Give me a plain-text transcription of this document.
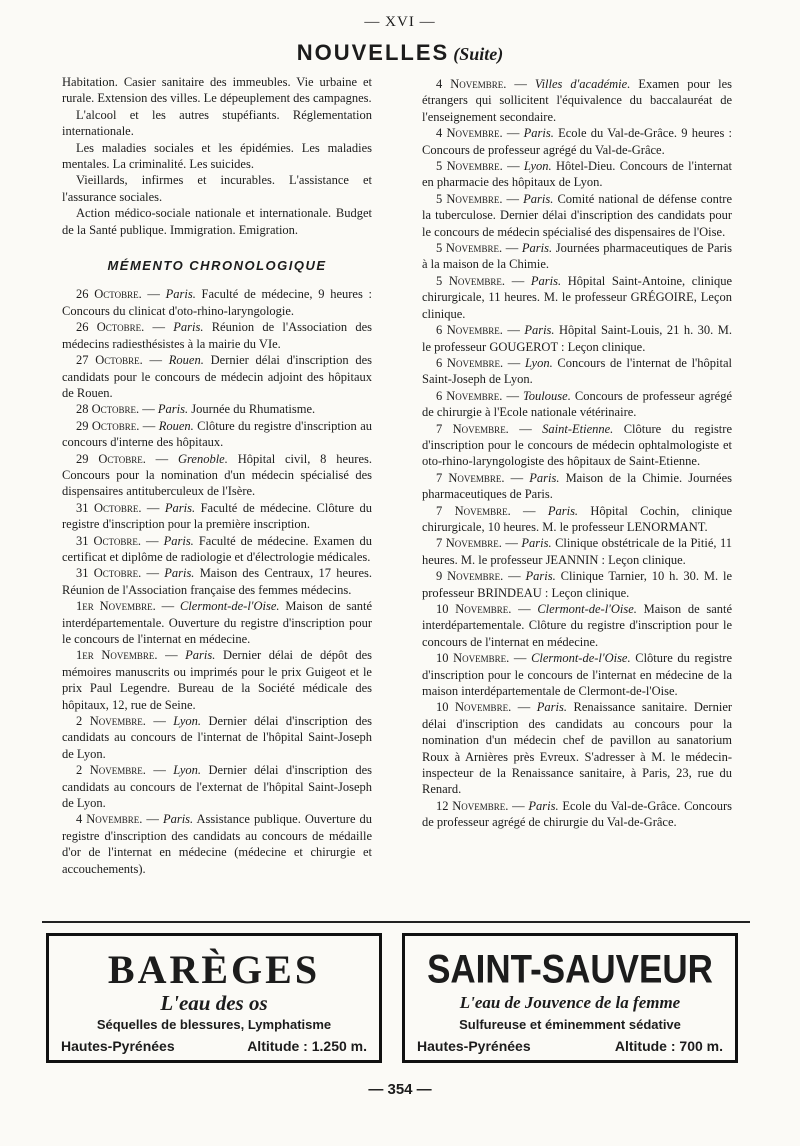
— XVI —
NOUVELLES (Suite)

Habitation. Casier sanitaire des immeubles. Vie urbaine et rurale. Extension des villes. Le dépeuplement des campagnes.

L'alcool et les autres stupéfiants. Réglementation internationale.

Les maladies sociales et les épidémies. Les maladies mentales. La criminalité. Les suicides.

Vieillards, infirmes et incurables. L'assistance et l'assurance sociales.

Action médico-sociale nationale et internationale. Budget de la Santé publique. Immigration. Emigration.

MÉMENTO CHRONOLOGIQUE

26 Octobre. — Paris. Faculté de médecine, 9 heures : Concours du clinicat d'oto-rhino-laryngologie.

26 Octobre. — Paris. Réunion de l'Association des médecins radiesthésistes à la mairie du VIe.

27 Octobre. — Rouen. Dernier délai d'inscription des candidats pour le concours de médecin adjoint des hôpitaux de Rouen.

28 Octobre. — Paris. Journée du Rhumatisme.

29 Octobre. — Rouen. Clôture du registre d'inscription au concours d'interne des hôpitaux.

29 Octobre. — Grenoble. Hôpital civil, 8 heures. Concours pour la nomination d'un médecin spécialisé des dispensaires antituberculeux de l'Isère.

31 Octobre. — Paris. Faculté de médecine. Clôture du registre d'inscription pour la première inscription.

31 Octobre. — Paris. Faculté de médecine. Examen du certificat et diplôme de radiologie et d'électrologie médicales.

31 Octobre. — Paris. Maison des Centraux, 17 heures. Réunion de l'Association française des femmes médecins.

1er Novembre. — Clermont-de-l'Oise. Maison de santé interdépartementale. Ouverture du registre d'inscription pour le concours de l'internat en médecine.

1er Novembre. — Paris. Dernier délai de dépôt des mémoires manuscrits ou imprimés pour le prix Guigeot et le prix Paul Legendre. Bureau de la Société médicale des hôpitaux, 12, rue de Seine.

2 Novembre. — Lyon. Dernier délai d'inscription des candidats au concours de l'internat de l'hôpital Saint-Joseph de Lyon.

2 Novembre. — Lyon. Dernier délai d'inscription des candidats au concours de l'externat de l'hôpital Saint-Joseph de Lyon.

4 Novembre. — Paris. Assistance publique. Ouverture du registre d'inscription des candidats au concours de médaille d'or de l'internat en médecine (médecine et chirurgie et accouchements).

4 Novembre. — Villes d'académie. Examen pour les étrangers qui sollicitent l'équivalence du baccalauréat de l'enseignement secondaire.

4 Novembre. — Paris. Ecole du Val-de-Grâce. 9 heures : Concours de professeur agrégé du Val-de-Grâce.

5 Novembre. — Lyon. Hôtel-Dieu. Concours de l'internat en pharmacie des hôpitaux de Lyon.

5 Novembre. — Paris. Comité national de défense contre la tuberculose. Dernier délai d'inscription des candidats pour le concours de médecin spécialisé des dispensaires de l'Oise.

5 Novembre. — Paris. Journées pharmaceutiques de Paris à la maison de la Chimie.

5 Novembre. — Paris. Hôpital Saint-Antoine, clinique chirurgicale, 11 heures. M. le professeur GRÉGOIRE, Leçon clinique.

6 Novembre. — Paris. Hôpital Saint-Louis, 21 h. 30. M. le professeur GOUGEROT : Leçon clinique.

6 Novembre. — Lyon. Concours de l'internat de l'hôpital Saint-Joseph de Lyon.

6 Novembre. — Toulouse. Concours de professeur agrégé de chirurgie à l'Ecole nationale vétérinaire.

7 Novembre. — Saint-Etienne. Clôture du registre d'inscription pour le concours de médecin ophtalmologiste et oto-rhino-laryngologiste des hôpitaux de Saint-Etienne.

7 Novembre. — Paris. Maison de la Chimie. Journées pharmaceutiques de Paris.

7 Novembre. — Paris. Hôpital Cochin, clinique chirurgicale, 10 heures. M. le professeur LENORMANT.

7 Novembre. — Paris. Clinique obstétricale de la Pitié, 11 heures. M. le professeur JEANNIN : Leçon clinique.

9 Novembre. — Paris. Clinique Tarnier, 10 h. 30. M. le professeur BRINDEAU : Leçon clinique.

10 Novembre. — Clermont-de-l'Oise. Maison de santé interdépartementale. Clôture du registre d'inscription pour le concours de l'internat en médecine.

10 Novembre. — Clermont-de-l'Oise. Clôture du registre d'inscription pour le concours de l'internat en médecine de la maison interdépartementale de Clermont-de-l'Oise.

10 Novembre. — Paris. Renaissance sanitaire. Dernier délai d'inscription des candidats au concours pour la nomination d'un médecin chef de pavillon au sanatorium Roux à Arnières près Evreux. S'adresser à M. le médecin-inspecteur de la Renaissance sanitaire, à Paris, 23, rue du Renard.

12 Novembre. — Paris. Ecole du Val-de-Grâce. Concours de professeur agrégé de chirurgie du Val-de-Grâce.

BARÈGES
L'eau des os
Séquelles de blessures, Lymphatisme
Hautes-Pyrénées	Altitude : 1.250 m.
SAINT-SAUVEUR
L'eau de Jouvence de la femme
Sulfureuse et éminemment sédative
Hautes-Pyrénées	Altitude : 700 m.
— 354 —
